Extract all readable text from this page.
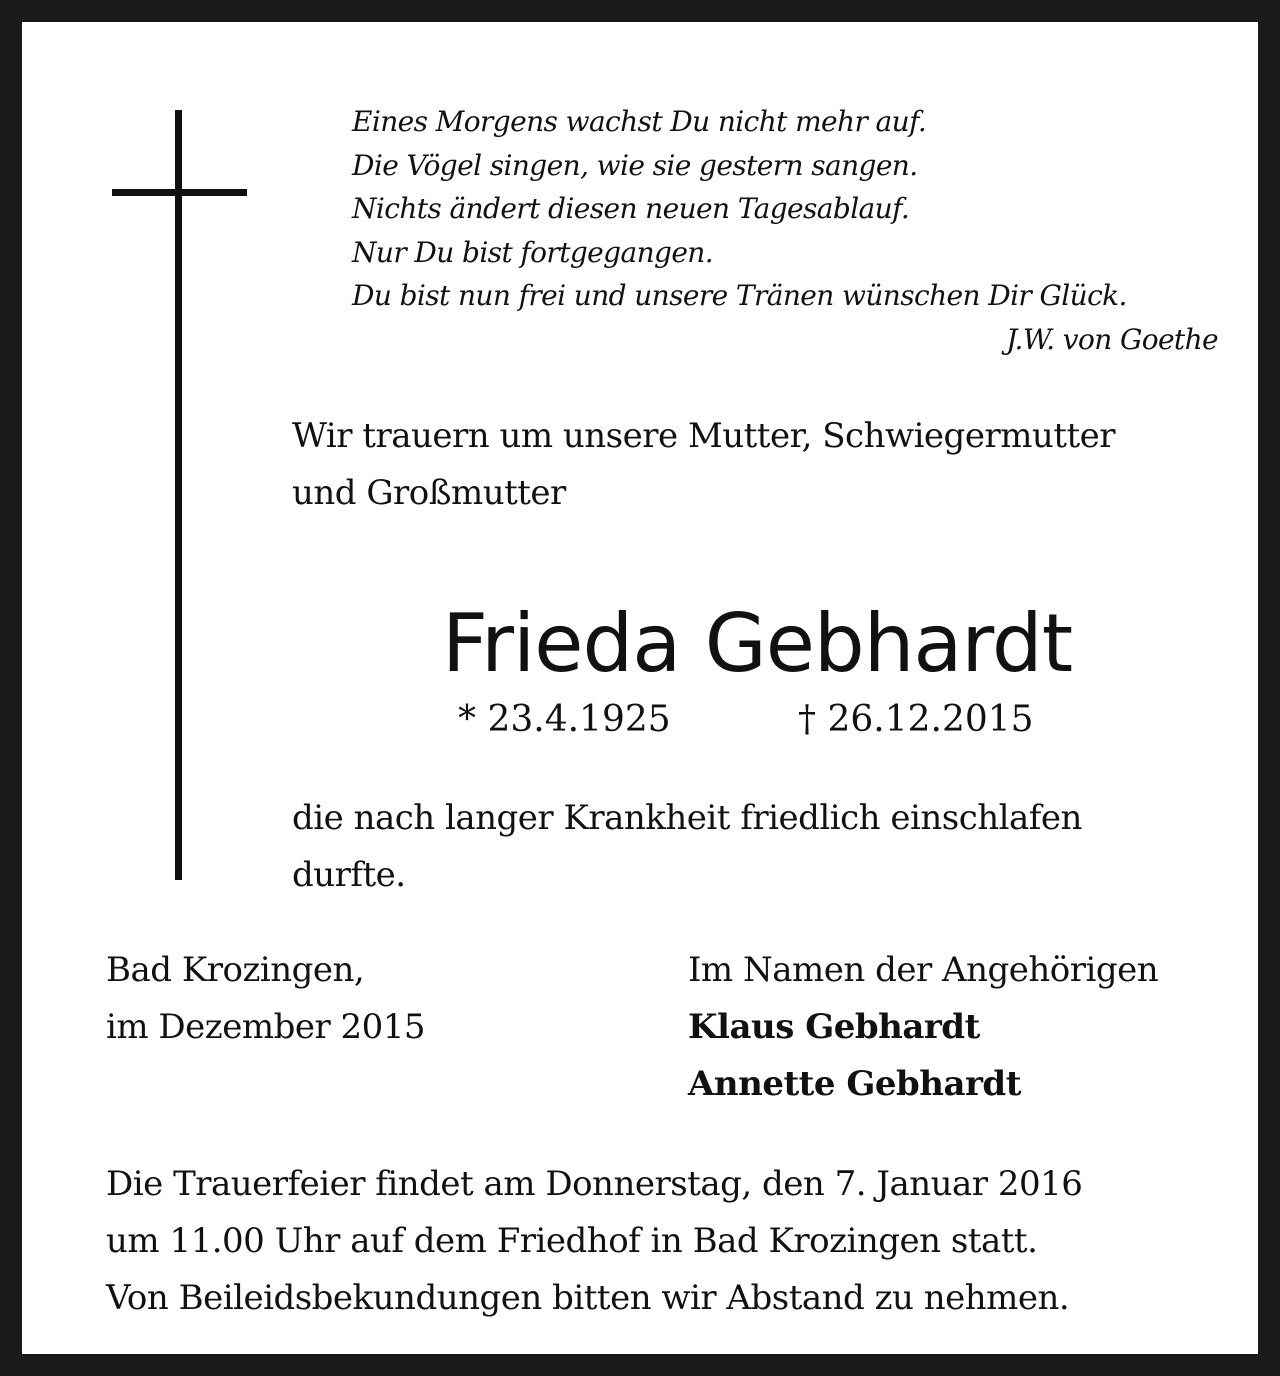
Eines Morgens wachst Du nicht mehr auf.
Die Vögel singen, wie sie gestern sangen.
Nichts ändert diesen neuen Tagesablauf.
Nur Du bist fortgegangen.
Du bist nun frei und unsere Tränen wünschen Dir Glück.
J.W. von Goethe
Wir trauern um unsere Mutter, Schwiegermutter
und Großmutter
Frieda Gebhardt
* 23.4.1925	† 26.12.2015
die nach langer Krankheit friedlich einschlafen
durfte.
Bad Krozingen,
im Dezember 2015
Im Namen der Angehörigen
Klaus Gebhardt
Annette Gebhardt
Die Trauerfeier findet am Donnerstag, den 7. Januar 2016
um 11.00 Uhr auf dem Friedhof in Bad Krozingen statt.
Von Beileidsbekundungen bitten wir Abstand zu nehmen.
